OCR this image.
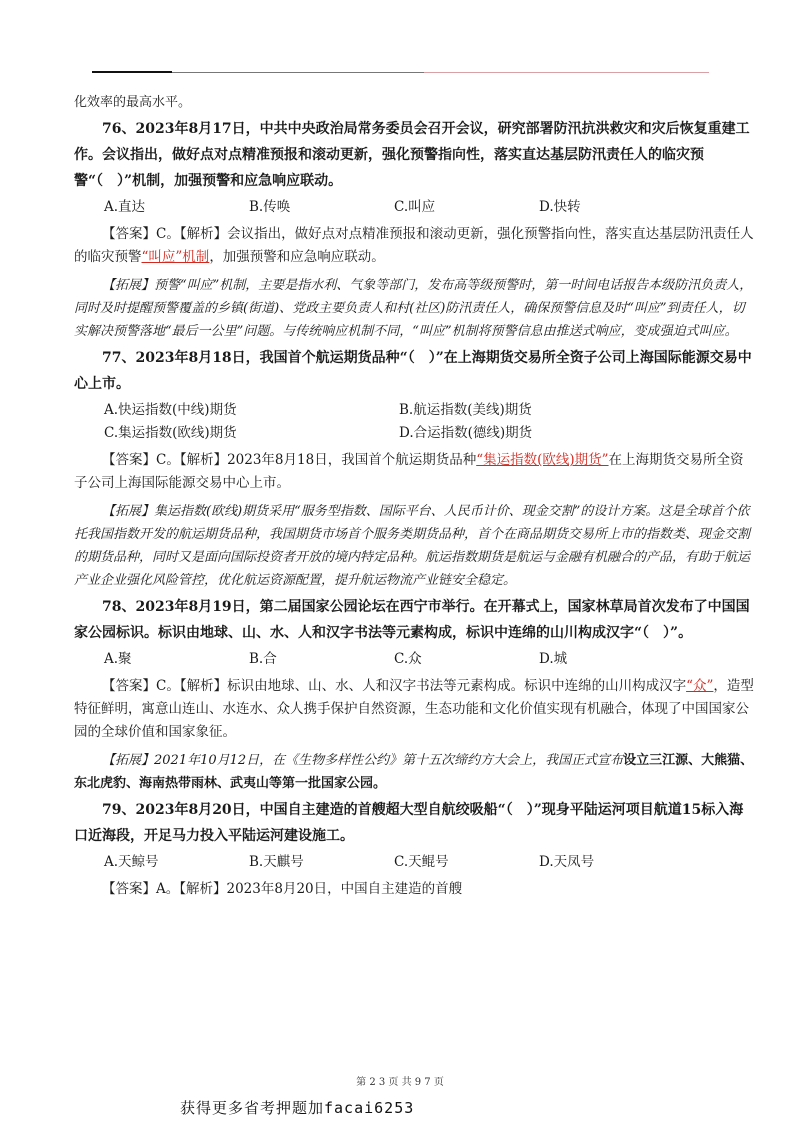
化效率的最高水平。

76、2023年8月17日，中共中央政治局常务委员会召开会议，研究部署防汛抗洪救灾和灾后恢复重建工作。会议指出，做好点对点精准预报和滚动更新，强化预警指向性，落实直达基层防汛责任人的临灾预警“（　）”机制，加强预警和应急响应联动。

A.直达	B.传唤	C.叫应	D.快转

【答案】C。【解析】会议指出，做好点对点精准预报和滚动更新，强化预警指向性，落实直达基层防汛责任人的临灾预警“叫应”机制，加强预警和应急响应联动。

【拓展】预警“叫应”机制，主要是指水利、气象等部门，发布高等级预警时，第一时间电话报告本级防汛负责人，同时及时提醒预警覆盖的乡镇(街道)、党政主要负责人和村(社区)防汛责任人，确保预警信息及时“叫应”到责任人，切实解决预警落地“最后一公里”问题。与传统响应机制不同，“叫应”机制将预警信息由推送式响应，变成强迫式叫应。

77、2023年8月18日，我国首个航运期货品种“（　）”在上海期货交易所全资子公司上海国际能源交易中心上市。

A.快运指数(中线)期货	B.航运指数(美线)期货
C.集运指数(欧线)期货	D.合运指数(德线)期货

【答案】C。【解析】2023年8月18日，我国首个航运期货品种“集运指数(欧线)期货”在上海期货交易所全资子公司上海国际能源交易中心上市。

【拓展】集运指数(欧线)期货采用“服务型指数、国际平台、人民币计价、现金交割”的设计方案。这是全球首个依托我国指数开发的航运期货品种，我国期货市场首个服务类期货品种，首个在商品期货交易所上市的指数类、现金交割的期货品种，同时又是面向国际投资者开放的境内特定品种。航运指数期货是航运与金融有机融合的产品，有助于航运产业企业强化风险管控，优化航运资源配置，提升航运物流产业链安全稳定。

78、2023年8月19日，第二届国家公园论坛在西宁市举行。在开幕式上，国家林草局首次发布了中国国家公园标识。标识由地球、山、水、人和汉字书法等元素构成，标识中连绵的山川构成汉字“（　）”。

A.聚	B.合	C.众	D.城

【答案】C。【解析】标识由地球、山、水、人和汉字书法等元素构成。标识中连绵的山川构成汉字“众”，造型特征鲜明，寓意山连山、水连水、众人携手保护自然资源，生态功能和文化价值实现有机融合，体现了中国国家公园的全球价值和国家象征。

【拓展】2021年10月12日，在《生物多样性公约》第十五次缔约方大会上，我国正式宣布设立三江源、大熊猫、东北虎豹、海南热带雨林、武夷山等第一批国家公园。

79、2023年8月20日，中国自主建造的首艘超大型自航绞吸船“（　）”现身平陆运河项目航道15标入海口近海段，开足马力投入平陆运河建设施工。

A.天鲸号	B.天麒号	C.天鲲号	D.天凤号

【答案】A。【解析】2023年8月20日，中国自主建造的首艘

第 2 3 页 共 9 7 页
获得更多省考押题加facai6253
